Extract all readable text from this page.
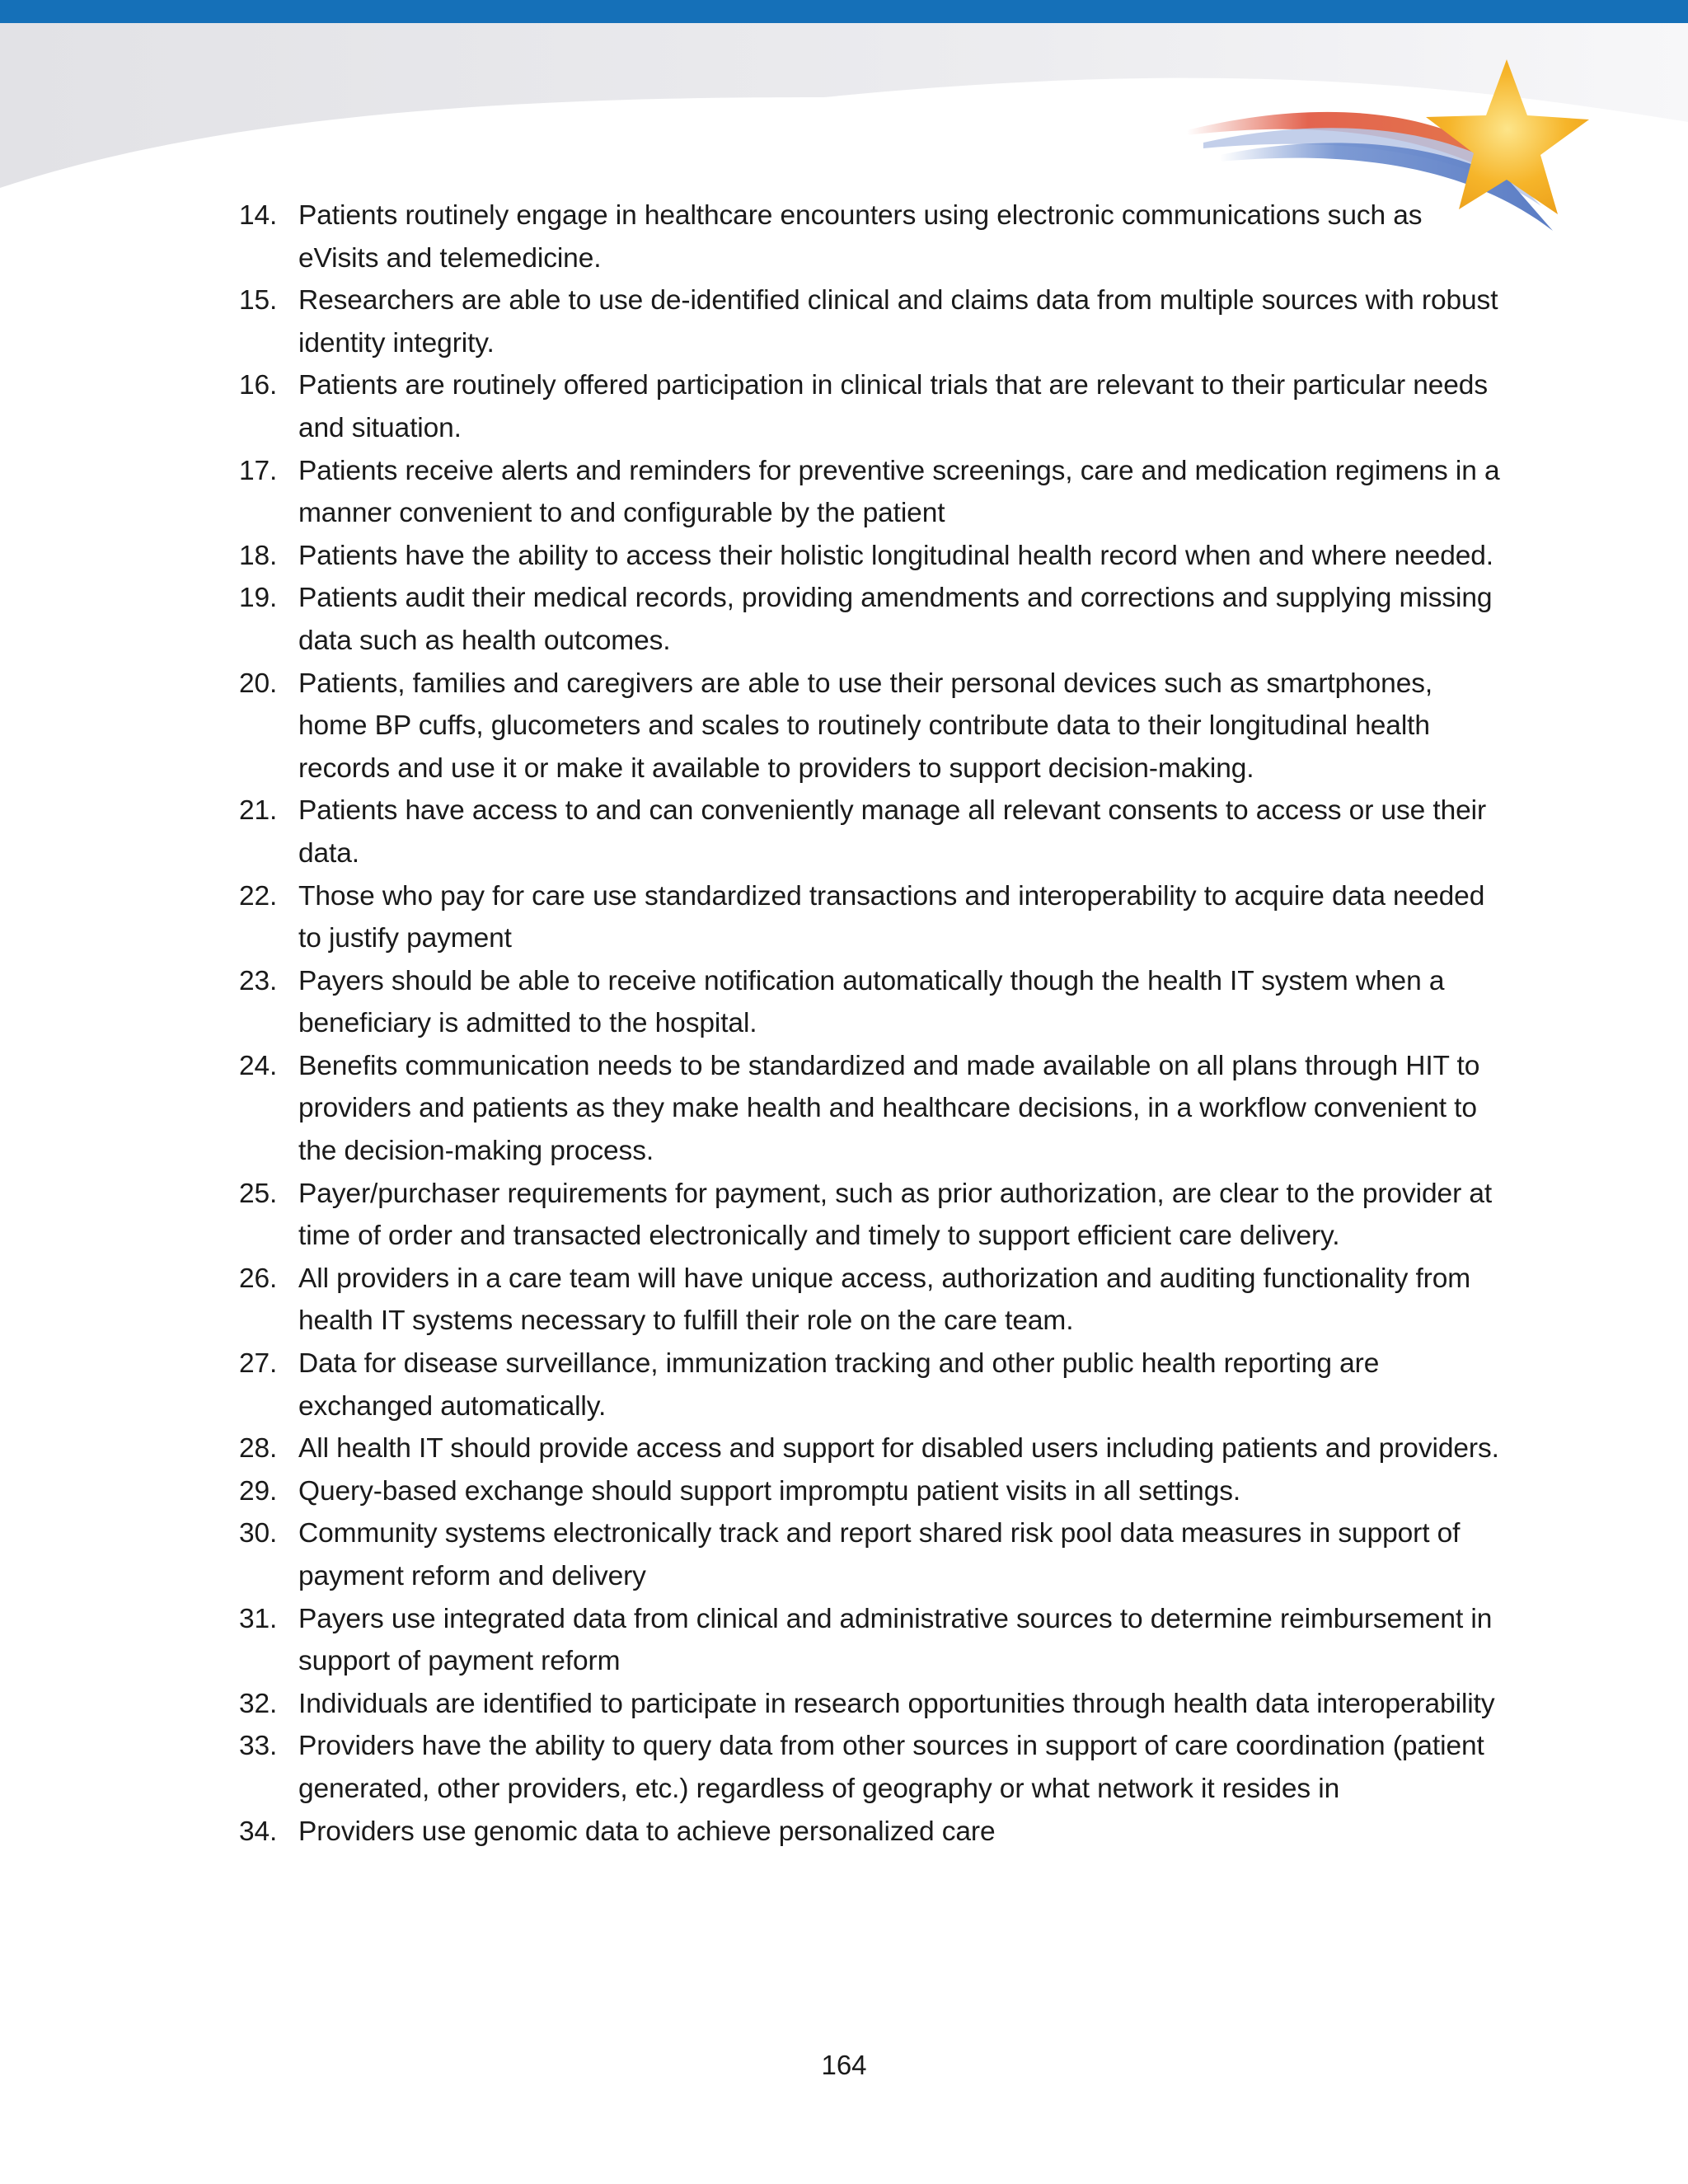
14. Patients routinely engage in healthcare encounters using electronic communications such as eVisits and telemedicine.
15. Researchers are able to use de-identified clinical and claims data from multiple sources with robust identity integrity.
16. Patients are routinely offered participation in clinical trials that are relevant to their particular needs and situation.
17. Patients receive alerts and reminders for preventive screenings, care and medication regimens in a manner convenient to and configurable by the patient
18. Patients have the ability to access their holistic longitudinal health record when and where needed.
19. Patients audit their medical records, providing amendments and corrections and supplying missing data such as health outcomes.
20. Patients, families and caregivers are able to use their personal devices such as smartphones, home BP cuffs, glucometers and scales to routinely contribute data to their longitudinal health records and use it or make it available to providers to support decision-making.
21. Patients have access to and can conveniently manage all relevant consents to access or use their data.
22. Those who pay for care use standardized transactions and interoperability to acquire data needed to justify payment
23. Payers should be able to receive notification automatically though the health IT system when a beneficiary is admitted to the hospital.
24. Benefits communication needs to be standardized and made available on all plans through HIT to providers and patients as they make health and healthcare decisions, in a workflow convenient to the decision-making process.
25. Payer/purchaser requirements for payment, such as prior authorization, are clear to the provider at time of order and transacted electronically and timely to support efficient care delivery.
26. All providers in a care team will have unique access, authorization and auditing functionality from health IT systems necessary to fulfill their role on the care team.
27. Data for disease surveillance, immunization tracking and other public health reporting are exchanged automatically.
28. All health IT should provide access and support for disabled users including patients and providers.
29. Query-based exchange should support impromptu patient visits in all settings.
30. Community systems electronically track and report shared risk pool data measures in support of payment reform and delivery
31. Payers use integrated data from clinical and administrative sources to determine reimbursement in support of payment reform
32. Individuals are identified to participate in research opportunities through health data interoperability
33. Providers have the ability to query data from other sources in support of care coordination (patient generated, other providers, etc.) regardless of geography or what network it resides in
34. Providers use genomic data to achieve personalized care
164
